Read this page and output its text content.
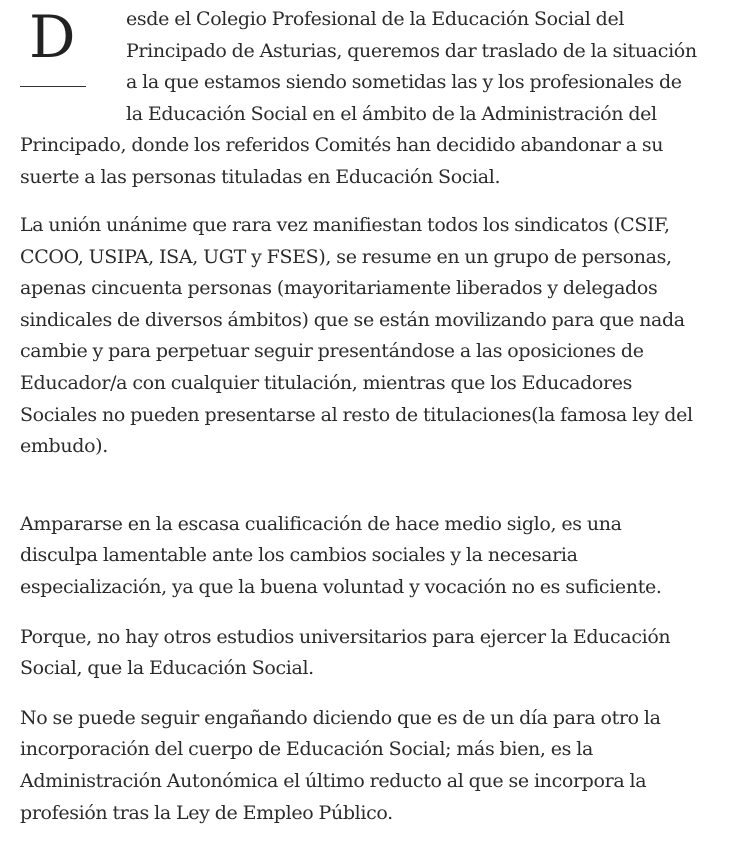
D	esde el Colegio Profesional de la Educación Social del
Principado de Asturias, queremos dar traslado de la situación
a la que estamos siendo sometidas las y los profesionales de
la Educación Social en el ámbito de la Administración del
Principado, donde los referidos Comités han decidido abandonar a su
suerte a las personas tituladas en Educación Social.

La unión unánime que rara vez manifiestan todos los sindicatos (CSIF,
CCOO, USIPA, ISA, UGT y FSES), se resume en un grupo de personas,
apenas cincuenta personas (mayoritariamente liberados y delegados
sindicales de diversos ámbitos) que se están movilizando para que nada
cambie y para perpetuar seguir presentándose a las oposiciones de
Educador/a con cualquier titulación, mientras que los Educadores
Sociales no pueden presentarse al resto de titulaciones(la famosa ley del
embudo).

Ampararse en la escasa cualificación de hace medio siglo, es una
disculpa lamentable ante los cambios sociales y la necesaria
especialización, ya que la buena voluntad y vocación no es suficiente.

Porque, no hay otros estudios universitarios para ejercer la Educación
Social, que la Educación Social.

No se puede seguir engañando diciendo que es de un día para otro la
incorporación del cuerpo de Educación Social; más bien, es la
Administración Autonómica el último reducto al que se incorpora la
profesión tras la Ley de Empleo Público.
